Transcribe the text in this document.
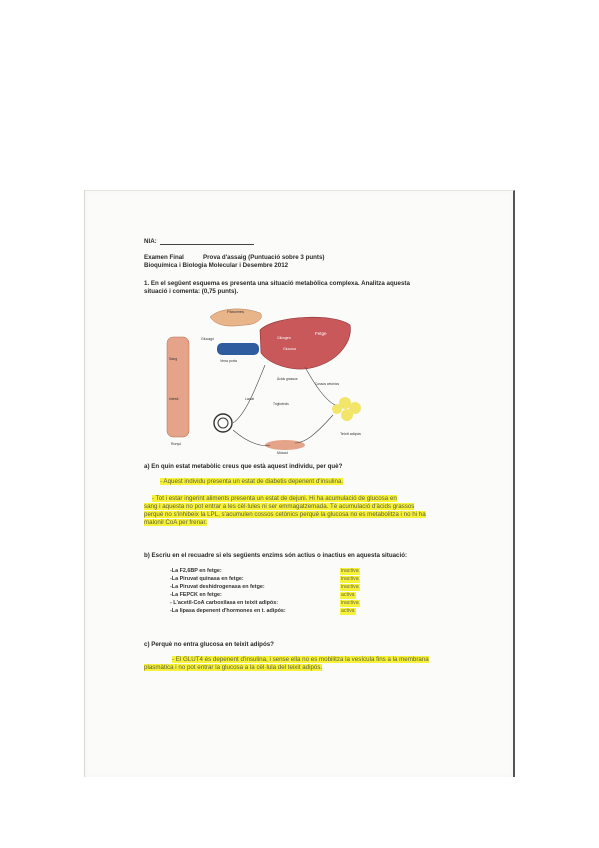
NIA:
Examen Final	Prova d'assaig (Puntuació sobre 3 punts)
Bioquímica i Biologia Molecular i Desembre 2012
1. En el següent esquema es presenta una situació metabòlica complexa. Analitza aquesta
situació i comenta: (0,75 punts).
Pàncrees
Fetge
Glicogen
Glucosa
Vena porta
Glucagó
Sang
Intestí
Ronyó
Teixit adipós
Múscul
Àcids grassos
Cossos cetònics
Triglicèrids
Lactat
a) En quin estat metabòlic creus que està aquest individu, per què?
- Aquest individu presenta un estat de diabetis depenent d'insulina.
- Tot i estar ingerint aliments presenta un estat de dejuni. Hi ha acumulació de glucosa en
sang i aquesta no pot entrar a les cèl·lules ni ser emmagatzemada. Té acumulació d'àcids grassos
perquè no s'inhibeix la LPL, s'acumulen cossos cetònics perquè la glucosa no es metabolitza i no hi ha
malonil CoA per frenar.
b) Escriu en el recuadre si els següents enzims són actius o inactius en aquesta situació:
-La F2,6BP en fetge:	inactiva
-La Piruvat quinasa en fetge:	inactiva
-La Piruvat deshidrogenasa en fetge:	inactiva
-La FEPCK en fetge:	activa
- L'acetil-CoA carboxilasa en teixit adipós:	inactiva
-La lipasa depenent d'hormones en t. adipós:	activa
c) Perquè no entra glucosa en teixit adipós?
- El GLUT4 és depenent d'insulina, i sense ella no es mobilitza la vesícula fins a la membrana
plasmàtica i no pot entrar la glucosa a la cèl·lula del teixit adipós.
